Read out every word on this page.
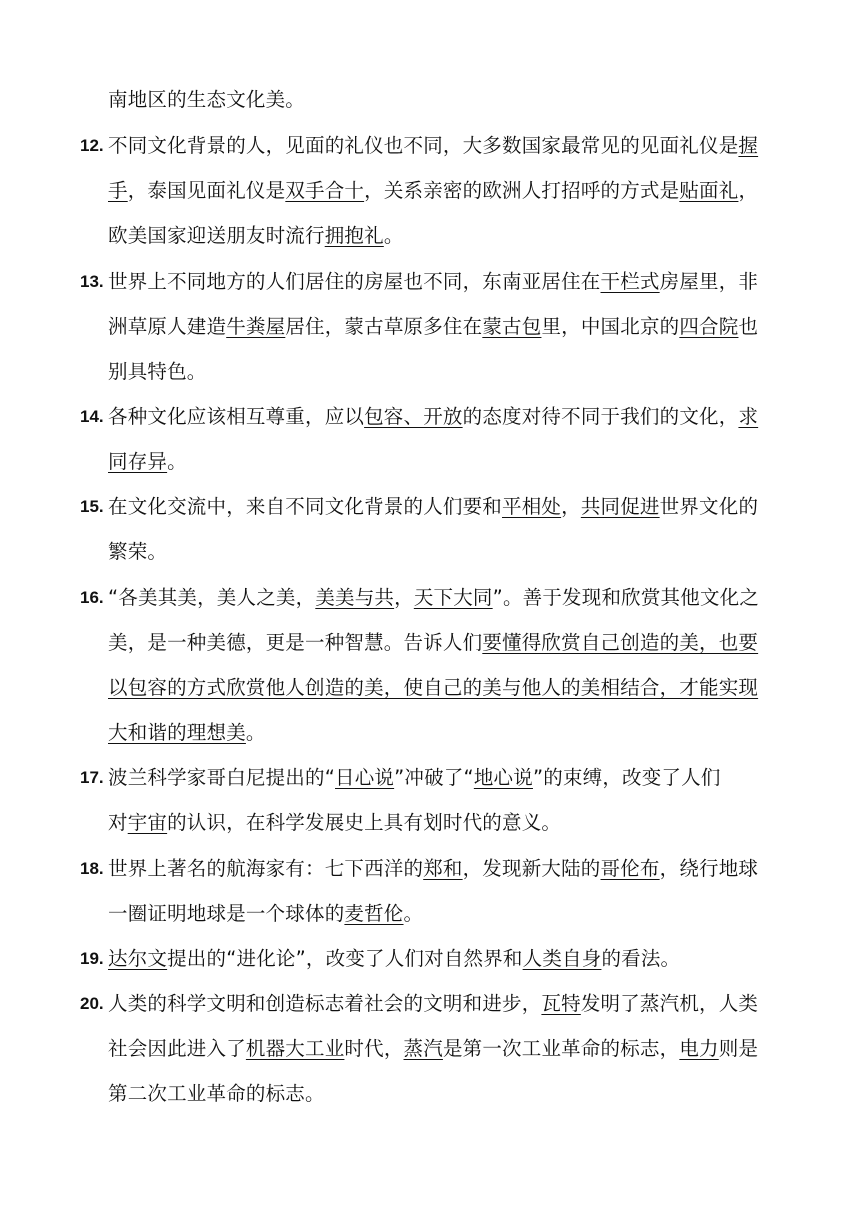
南地区的生态文化美。
12. 不同文化背景的人，见面的礼仪也不同，大多数国家最常见的见面礼仪是握
手，泰国见面礼仪是双手合十，关系亲密的欧洲人打招呼的方式是贴面礼，
欧美国家迎送朋友时流行拥抱礼。
13. 世界上不同地方的人们居住的房屋也不同，东南亚居住在干栏式房屋里，非
洲草原人建造牛粪屋居住，蒙古草原多住在蒙古包里，中国北京的四合院也
别具特色。
14. 各种文化应该相互尊重，应以包容、开放的态度对待不同于我们的文化，求
同存异。
15. 在文化交流中，来自不同文化背景的人们要和平相处，共同促进世界文化的
繁荣。
16. “各美其美，美人之美，美美与共，天下大同”。善于发现和欣赏其他文化之
美，是一种美德，更是一种智慧。告诉人们要懂得欣赏自己创造的美，也要
以包容的方式欣赏他人创造的美，使自己的美与他人的美相结合，才能实现
大和谐的理想美。
17. 波兰科学家哥白尼提出的“日心说”冲破了“地心说”的束缚，改变了人们
对宇宙的认识，在科学发展史上具有划时代的意义。
18. 世界上著名的航海家有：七下西洋的郑和，发现新大陆的哥伦布，绕行地球
一圈证明地球是一个球体的麦哲伦。
19. 达尔文提出的“进化论”，改变了人们对自然界和人类自身的看法。
20. 人类的科学文明和创造标志着社会的文明和进步，瓦特发明了蒸汽机，人类
社会因此进入了机器大工业时代，蒸汽是第一次工业革命的标志，电力则是
第二次工业革命的标志。
